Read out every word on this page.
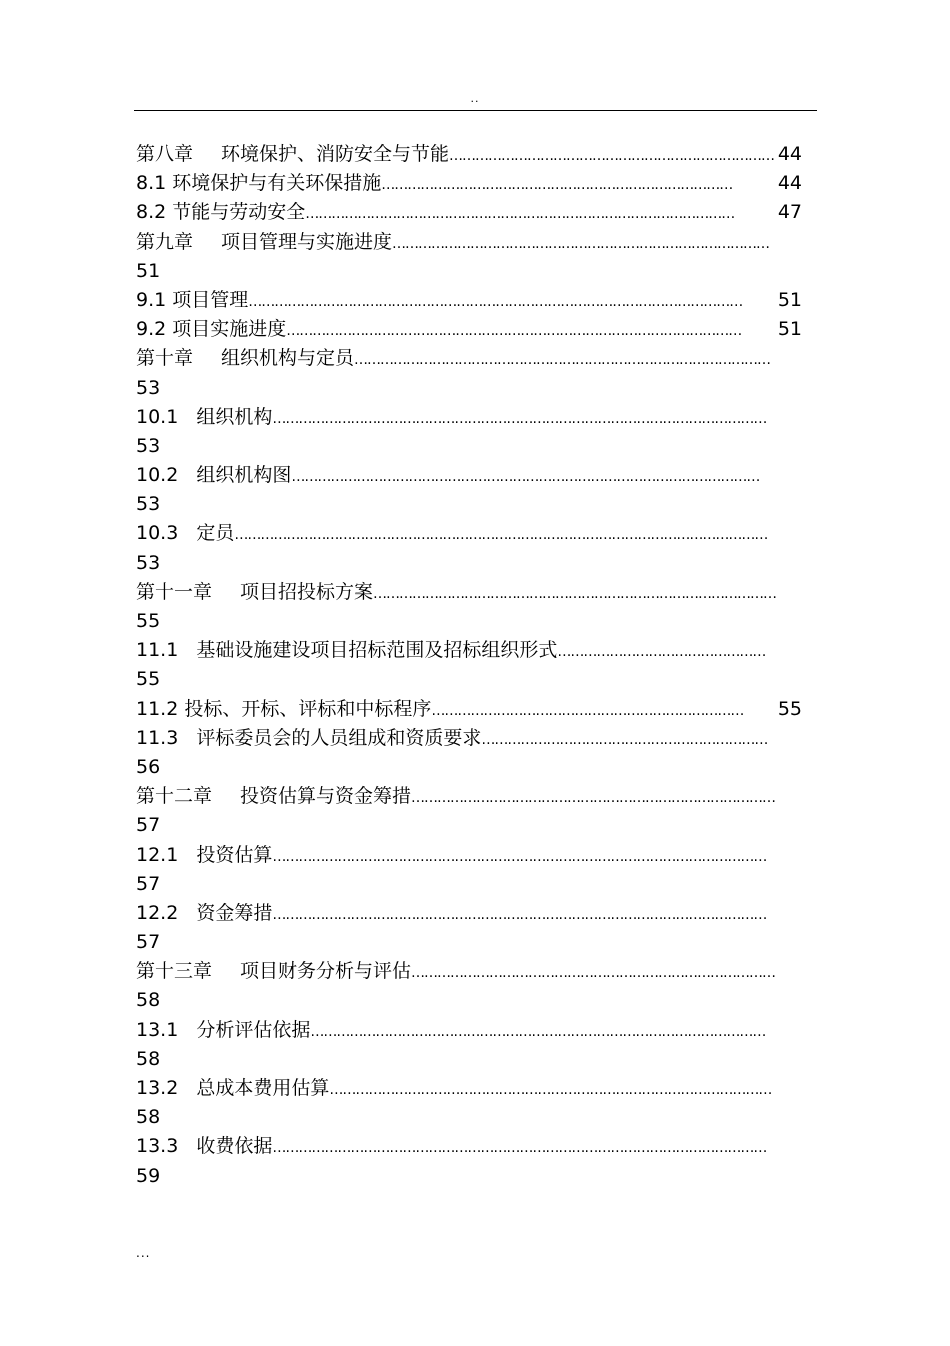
..
第八章 环境保护、消防安全与节能………………………………………………………………… 44
8.1 环境保护与有关环保措施……………………………………………………………………… 44
8.2 节能与劳动安全……………………………………………………………………………………… 47
第九章 项目管理与实施进度……………………………………………………………………………
51
9.1 项目管理…………………………………………………………………………………………………… 51
9.2 项目实施进度…………………………………………………………………………………………… 51
第十章 组织机构与定员……………………………………………………………………………………
53
10.1 组织机构……………………………………………………………………………………………………
53
10.2 组织机构图………………………………………………………………………………………………
53
10.3 定员……………………………………………………………………………………………………………
53
第十一章 项目招投标方案…………………………………………………………………………………
55
11.1 基础设施建设项目招标范围及招标组织形式…………………………………………
55
11.2 投标、开标、评标和中标程序……………………………………………………………… 55
11.3 评标委员会的人员组成和资质要求…………………………………………………………
56
第十二章 投资估算与资金筹措…………………………………………………………………………
57
12.1 投资估算……………………………………………………………………………………………………
57
12.2 资金筹措……………………………………………………………………………………………………
57
第十三章 项目财务分析与评估…………………………………………………………………………
58
13.1 分析评估依据……………………………………………………………………………………………
58
13.2 总成本费用估算…………………………………………………………………………………………
58
13.3 收费依据……………………………………………………………………………………………………
59
...
